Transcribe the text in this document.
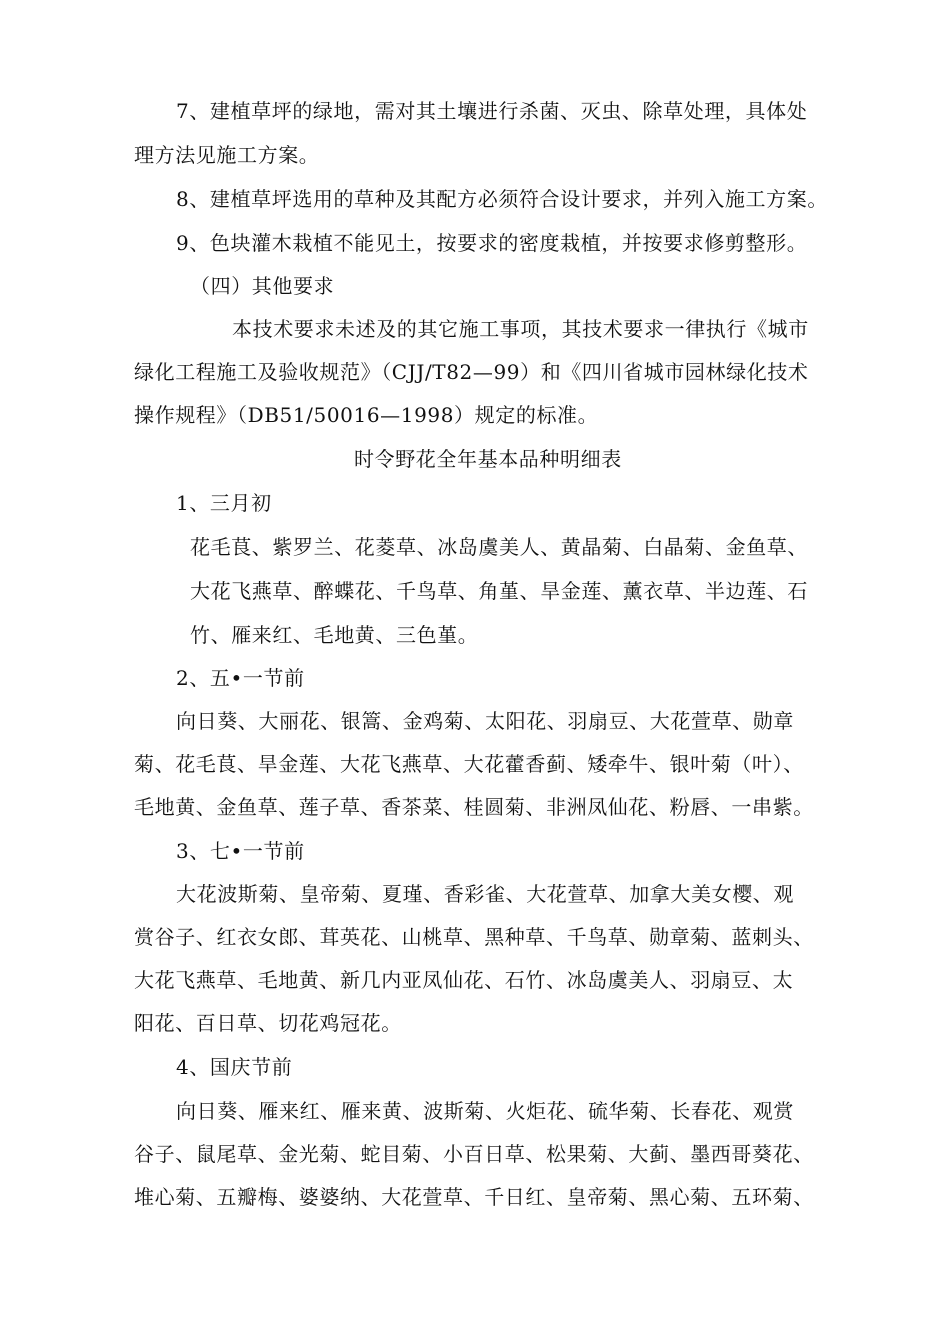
7、建植草坪的绿地，需对其土壤进行杀菌、灭虫、除草处理，具体处
理方法见施工方案。
8、建植草坪选用的草种及其配方必须符合设计要求，并列入施工方案。
9、色块灌木栽植不能见土，按要求的密度栽植，并按要求修剪整形。
（四）其他要求
本技术要求未述及的其它施工事项，其技术要求一律执行《城市
绿化工程施工及验收规范》（CJJ/T82—99）和《四川省城市园林绿化技术
操作规程》（DB51/50016—1998）规定的标准。
时令野花全年基本品种明细表
1、三月初
花毛茛、紫罗兰、花菱草、冰岛虞美人、黄晶菊、白晶菊、金鱼草、
大花飞燕草、醉蝶花、千鸟草、角堇、旱金莲、薰衣草、半边莲、石
竹、雁来红、毛地黄、三色堇。
2、五•一节前
向日葵、大丽花、银篙、金鸡菊、太阳花、羽扇豆、大花萱草、勋章
菊、花毛茛、旱金莲、大花飞燕草、大花藿香蓟、矮牵牛、银叶菊（叶）、
毛地黄、金鱼草、莲子草、香茶菜、桂圆菊、非洲凤仙花、粉唇、一串紫。
3、七•一节前
大花波斯菊、皇帝菊、夏瑾、香彩雀、大花萱草、加拿大美女樱、观
赏谷子、红衣女郎、茸英花、山桃草、黑种草、千鸟草、勋章菊、蓝刺头、
大花飞燕草、毛地黄、新几内亚凤仙花、石竹、冰岛虞美人、羽扇豆、太
阳花、百日草、切花鸡冠花。
4、国庆节前
向日葵、雁来红、雁来黄、波斯菊、火炬花、硫华菊、长春花、观赏
谷子、鼠尾草、金光菊、蛇目菊、小百日草、松果菊、大蓟、墨西哥葵花、
堆心菊、五瓣梅、婆婆纳、大花萱草、千日红、皇帝菊、黑心菊、五环菊、
